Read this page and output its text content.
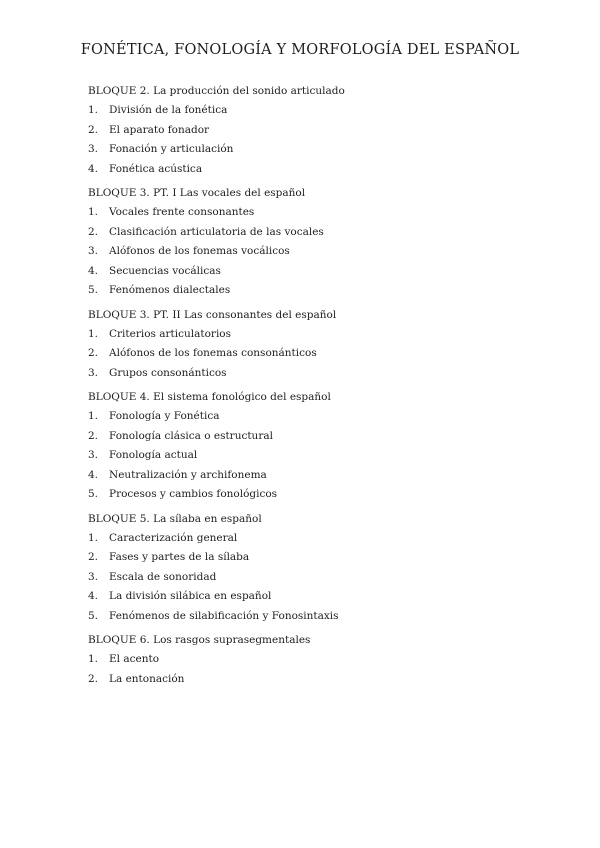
FONÉTICA, FONOLOGÍA Y MORFOLOGÍA DEL ESPAÑOL
BLOQUE 2. La producción del sonido articulado
1.	División de la fonética
2.	El aparato fonador
3.	Fonación y articulación
4.	Fonética acústica
BLOQUE 3. PT. I Las vocales del español
1.	Vocales frente consonantes
2.	Clasificación articulatoria de las vocales
3.	Alófonos de los fonemas vocálicos
4.	Secuencias vocálicas
5.	Fenómenos dialectales
BLOQUE 3. PT. II Las consonantes del español
1.	Criterios articulatorios
2.	Alófonos de los fonemas consonánticos
3.	Grupos consonánticos
BLOQUE 4. El sistema fonológico del español
1.	Fonología y Fonética
2.	Fonología clásica o estructural
3.	Fonología actual
4.	Neutralización y archifonema
5.	Procesos y cambios fonológicos
BLOQUE 5. La sílaba en español
1.	Caracterización general
2.	Fases y partes de la sílaba
3.	Escala de sonoridad
4.	La división silábica en español
5.	Fenómenos de silabificación y Fonosintaxis
BLOQUE 6. Los rasgos suprasegmentales
1.	El acento
2.	La entonación
